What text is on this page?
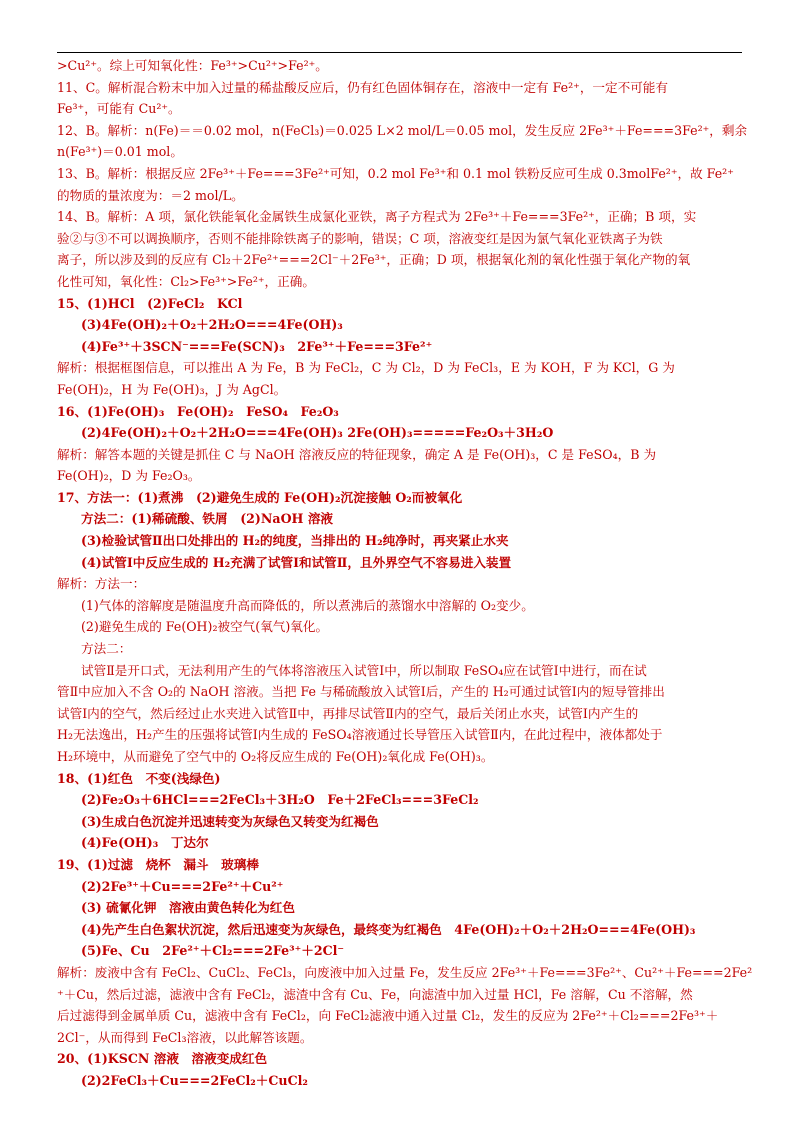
>Cu²⁺。综上可知氧化性：Fe³⁺>Cu²⁺>Fe²⁺。
11、C。解析混合粉末中加入过量的稀盐酸反应后，仍有红色固体铜存在，溶液中一定有 Fe²⁺，一定不可能有
Fe³⁺，可能有 Cu²⁺。
12、B。解析：n(Fe)＝＝0.02 mol，n(FeCl₃)＝0.025 L×2 mol/L＝0.05 mol，发生反应 2Fe³⁺＋Fe===3Fe²⁺，剩余
n(Fe³⁺)＝0.01 mol。
13、B。解析：根据反应 2Fe³⁺＋Fe===3Fe²⁺可知，0.2 mol Fe³⁺和 0.1 mol 铁粉反应可生成 0.3molFe²⁺，故 Fe²⁺
的物质的量浓度为：＝2 mol/L。
14、B。解析：A 项，氯化铁能氧化金属铁生成氯化亚铁，离子方程式为 2Fe³⁺＋Fe===3Fe²⁺，正确；B 项，实
验②与③不可以调换顺序，否则不能排除铁离子的影响，错误；C 项，溶液变红是因为氯气氧化亚铁离子为铁
离子，所以涉及到的反应有 Cl₂＋2Fe²⁺===2Cl⁻＋2Fe³⁺，正确；D 项，根据氧化剂的氧化性强于氧化产物的氧
化性可知，氧化性：Cl₂>Fe³⁺>Fe²⁺，正确。
15、(1)HCl　(2)FeCl₂　KCl
(3)4Fe(OH)₂＋O₂＋2H₂O===4Fe(OH)₃
(4)Fe³⁺＋3SCN⁻===Fe(SCN)₃　2Fe³⁺＋Fe===3Fe²⁺
解析：根据框图信息，可以推出 A 为 Fe，B 为 FeCl₂，C 为 Cl₂，D 为 FeCl₃，E 为 KOH，F 为 KCl，G 为
Fe(OH)₂，H 为 Fe(OH)₃，J 为 AgCl。
16、(1)Fe(OH)₃　Fe(OH)₂　FeSO₄　Fe₂O₃
(2)4Fe(OH)₂＋O₂＋2H₂O===4Fe(OH)₃ 2Fe(OH)₃=====Fe₂O₃＋3H₂O
解析：解答本题的关键是抓住 C 与 NaOH 溶液反应的特征现象，确定 A 是 Fe(OH)₃，C 是 FeSO₄，B 为
Fe(OH)₂，D 为 Fe₂O₃。
17、方法一：(1)煮沸　(2)避免生成的 Fe(OH)₂沉淀接触 O₂而被氧化
方法二：(1)稀硫酸、铁屑　(2)NaOH 溶液
(3)检验试管Ⅱ出口处排出的 H₂的纯度，当排出的 H₂纯净时，再夹紧止水夹
(4)试管Ⅰ中反应生成的 H₂充满了试管Ⅰ和试管Ⅱ，且外界空气不容易进入装置
解析：方法一：
(1)气体的溶解度是随温度升高而降低的，所以煮沸后的蒸馏水中溶解的 O₂变少。
(2)避免生成的 Fe(OH)₂被空气(氧气)氧化。
方法二：
试管Ⅱ是开口式，无法利用产生的气体将溶液压入试管Ⅰ中，所以制取 FeSO₄应在试管Ⅰ中进行，而在试
管Ⅱ中应加入不含 O₂的 NaOH 溶液。当把 Fe 与稀硫酸放入试管Ⅰ后，产生的 H₂可通过试管Ⅰ内的短导管排出
试管Ⅰ内的空气，然后经过止水夹进入试管Ⅱ中，再排尽试管Ⅱ内的空气，最后关闭止水夹，试管Ⅰ内产生的
H₂无法逸出，H₂产生的压强将试管Ⅰ内生成的 FeSO₄溶液通过长导管压入试管Ⅱ内，在此过程中，液体都处于
H₂环境中，从而避免了空气中的 O₂将反应生成的 Fe(OH)₂氧化成 Fe(OH)₃。
18、(1)红色　不变(浅绿色)
(2)Fe₂O₃＋6HCl===2FeCl₃＋3H₂O　Fe＋2FeCl₃===3FeCl₂
(3)生成白色沉淀并迅速转变为灰绿色又转变为红褐色
(4)Fe(OH)₃　丁达尔
19、(1)过滤　烧杯　漏斗　玻璃棒
(2)2Fe³⁺＋Cu===2Fe²⁺＋Cu²⁺
(3) 硫氰化钾　溶液由黄色转化为红色
(4)先产生白色絮状沉淀，然后迅速变为灰绿色，最终变为红褐色　4Fe(OH)₂＋O₂＋2H₂O===4Fe(OH)₃
(5)Fe、Cu　2Fe²⁺＋Cl₂===2Fe³⁺＋2Cl⁻
解析：废液中含有 FeCl₂、CuCl₂、FeCl₃，向废液中加入过量 Fe，发生反应 2Fe³⁺＋Fe===3Fe²⁺、Cu²⁺＋Fe===2Fe²
⁺＋Cu，然后过滤，滤液中含有 FeCl₂，滤渣中含有 Cu、Fe，向滤渣中加入过量 HCl，Fe 溶解，Cu 不溶解，然
后过滤得到金属单质 Cu，滤液中含有 FeCl₂，向 FeCl₂滤液中通入过量 Cl₂，发生的反应为 2Fe²⁺＋Cl₂===2Fe³⁺＋
2Cl⁻，从而得到 FeCl₃溶液，以此解答该题。
20、(1)KSCN 溶液　溶液变成红色
(2)2FeCl₃＋Cu===2FeCl₂＋CuCl₂
